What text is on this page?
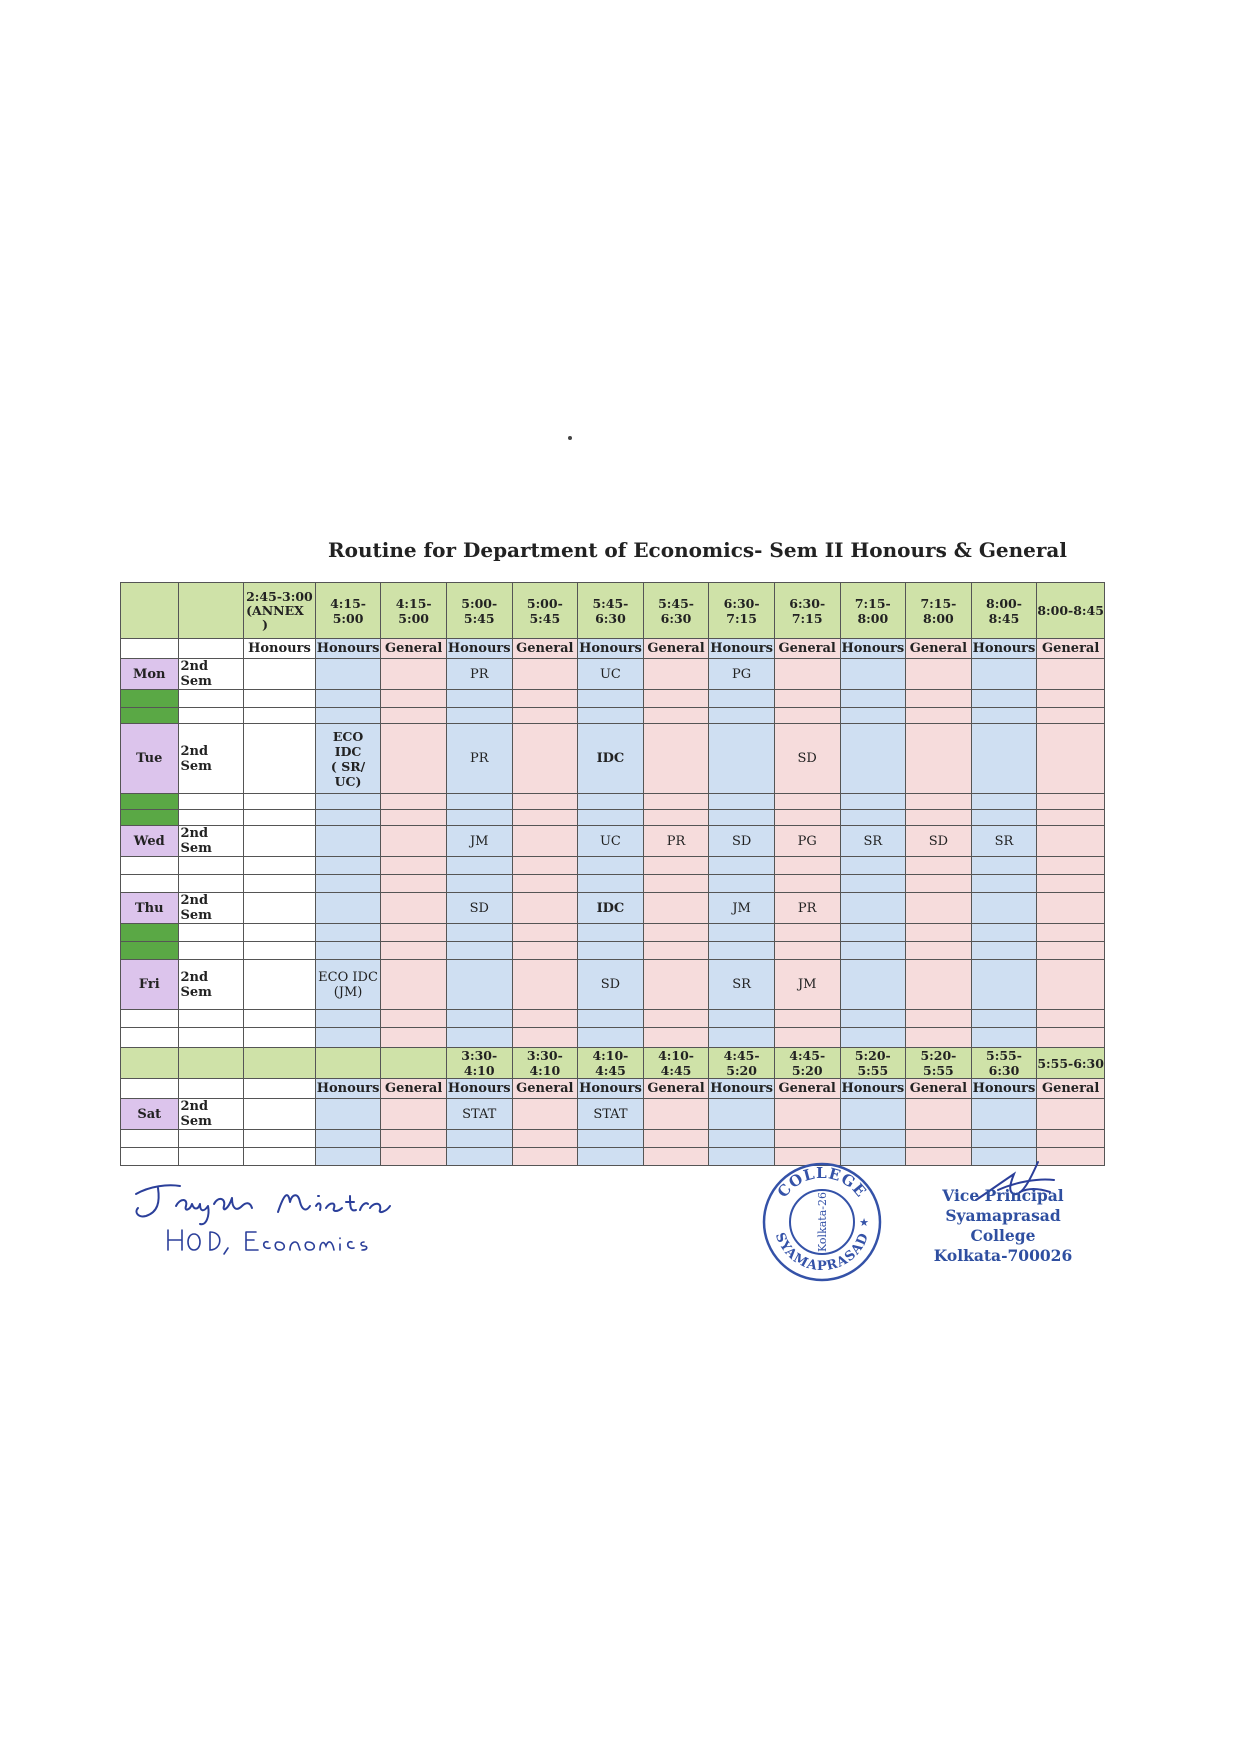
Routine for Department of Economics- Sem II Honours & General

		2:45-3:00
(ANNEX
)	4:15-5:00	4:15-5:00	5:00-5:45	5:00-5:45	5:45-6:30	5:45-6:30	6:30-7:15	6:30-7:15	7:15-8:00	7:15-8:00	8:00-8:45	8:00-8:45
		Honours	Honours	General	Honours	General	Honours	General	Honours	General	Honours	General	Honours	General
Mon	2nd Sem				PR		UC		PG					

Tue	2nd Sem		ECO
IDC
( SR/
UC)		PR		IDC			SD				

Wed	2nd Sem				JM		UC	PR	SD	PG	SR	SD	SR	

Thu	2nd Sem				SD		IDC		JM	PR				

Fri	2nd Sem		ECO IDC
(JM)				SD		SR	JM				

					3:30-4:10	3:30-4:10	4:10-4:45	4:10-4:45	4:45-5:20	4:45-5:20	5:20-5:55	5:20-5:55	5:55-6:30	5:55-6:30
			Honours	General	Honours	General	Honours	General	Honours	General	Honours	General	Honours	General
Sat	2nd Sem				STAT		STAT							

COLLEGE
SYAMAPRASAD
Kolkata-26	★
Vice Principal
Syamaprasad College
Kolkata-700026
